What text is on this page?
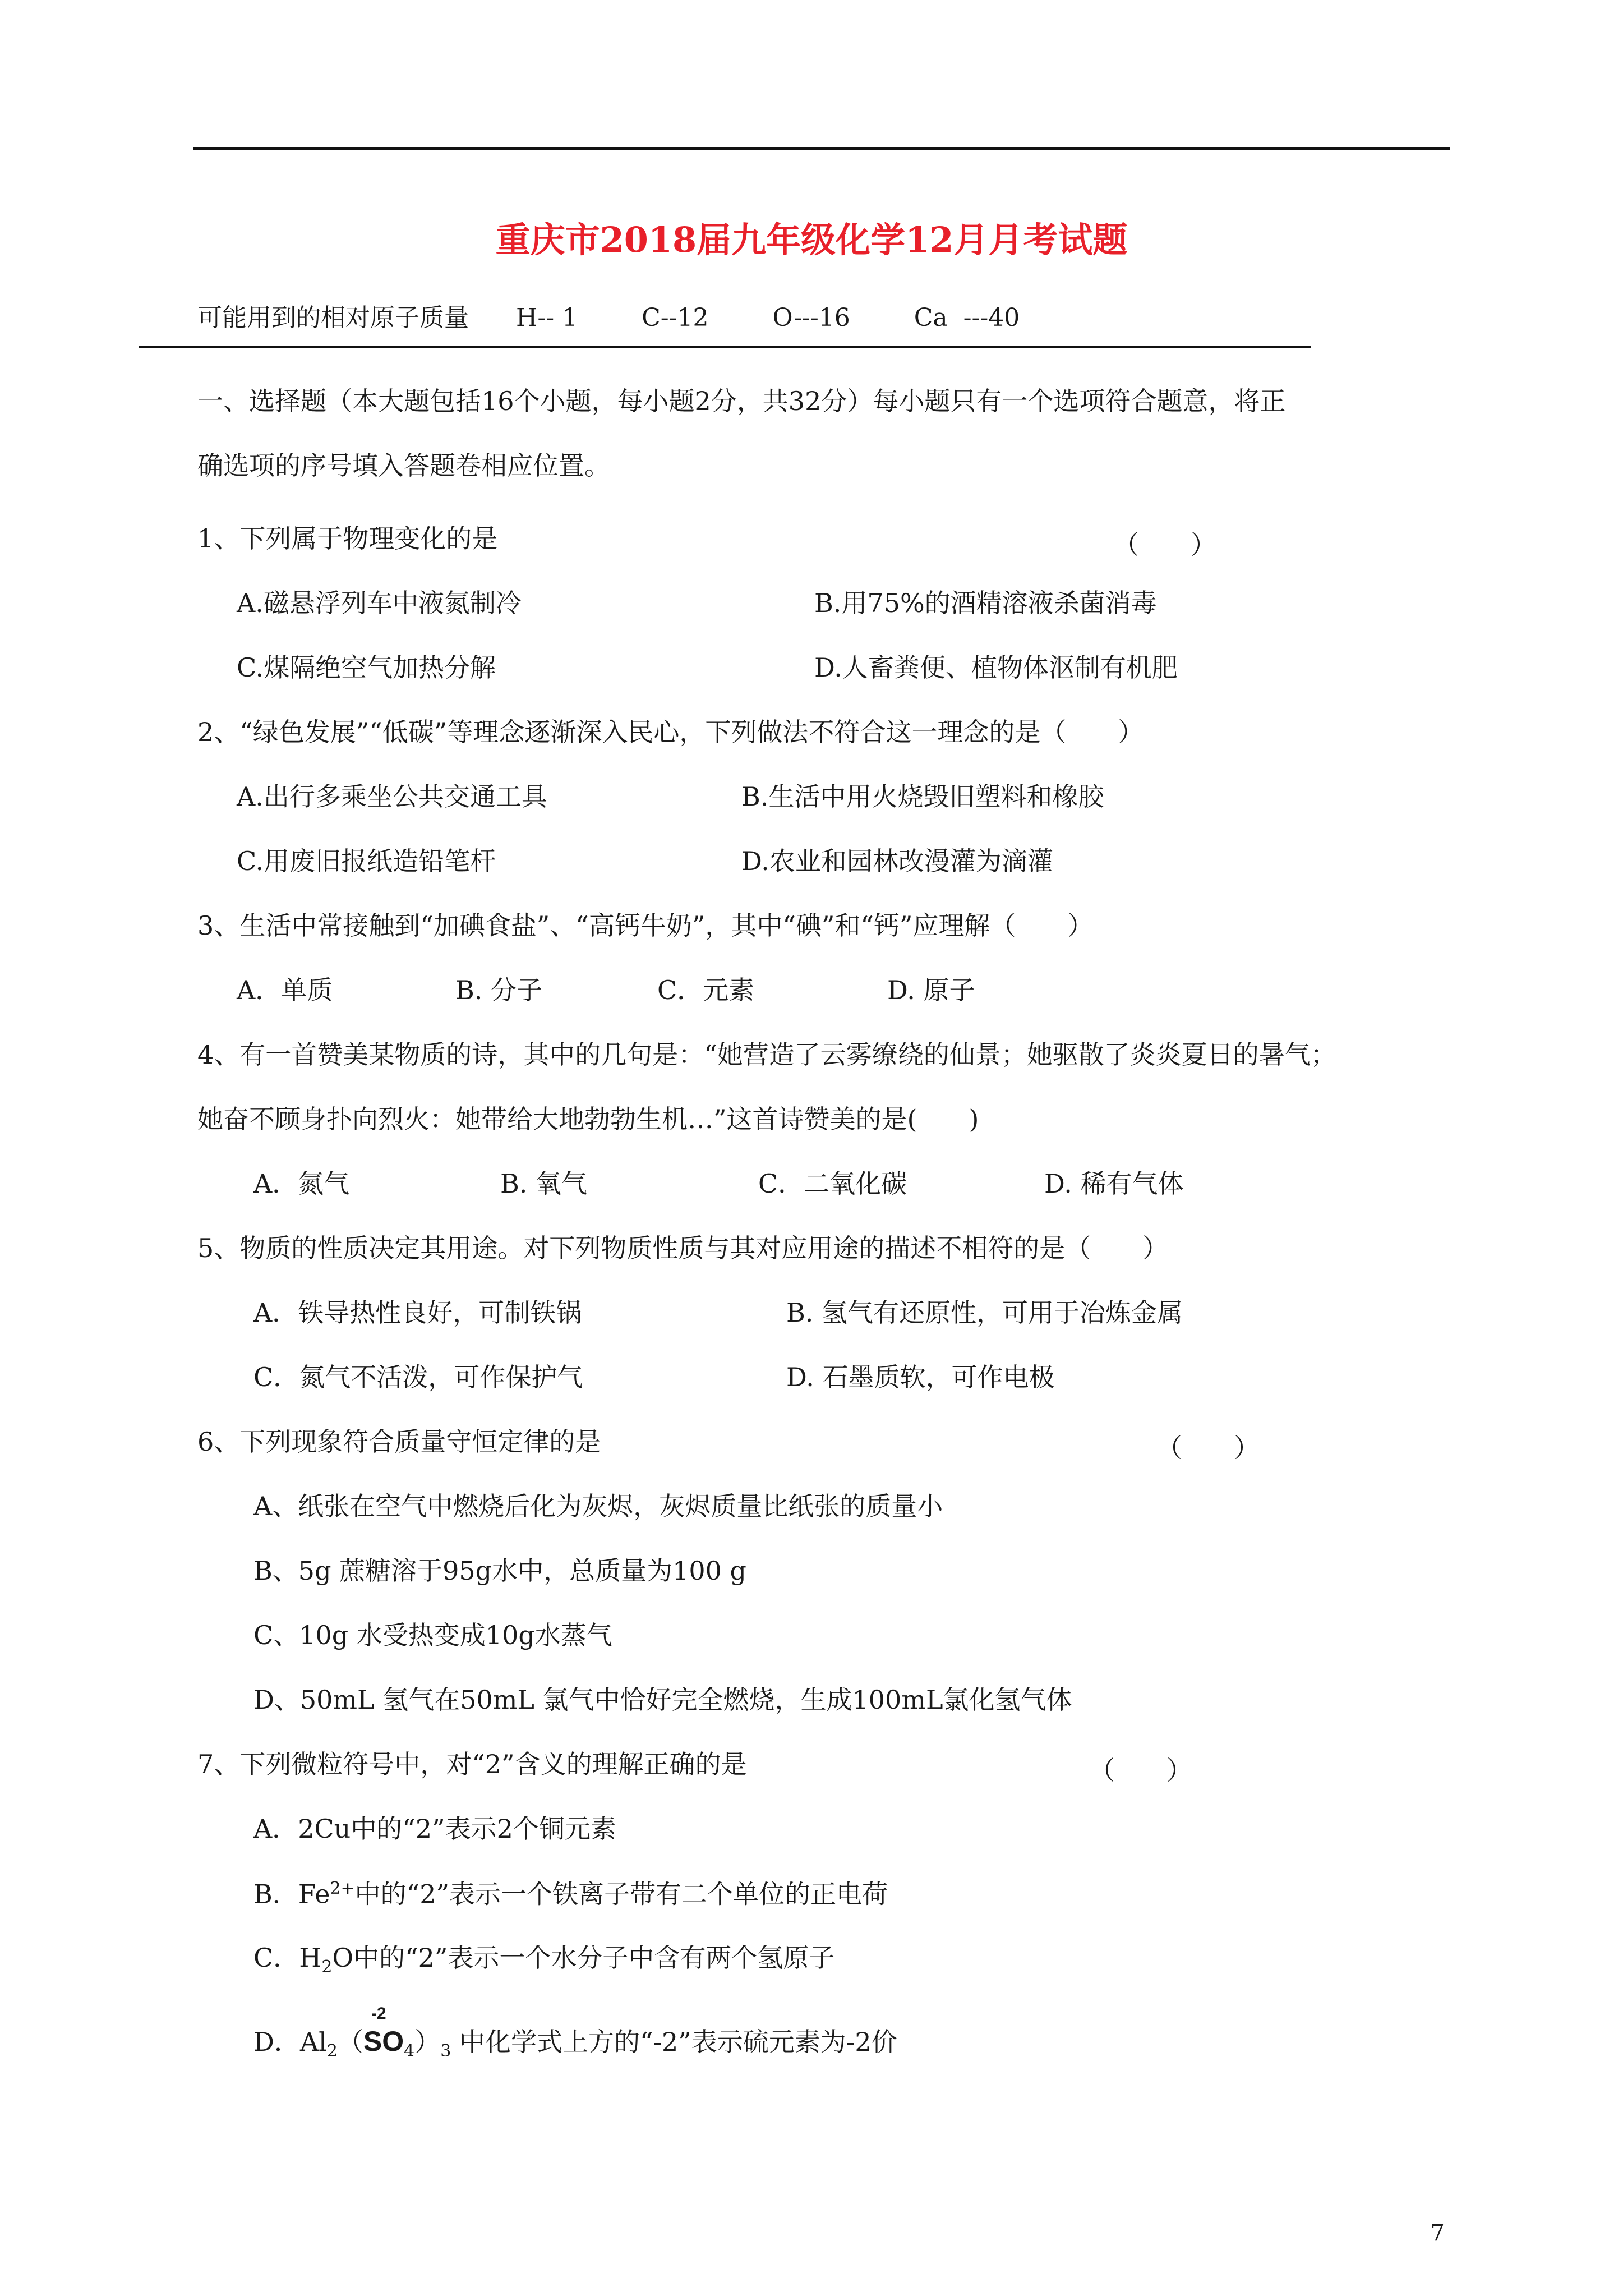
重庆市2018届九年级化学12月月考试题
可能用到的相对原子质量 H-- 1	C--12	O---16	Ca  ---40
一、选择题（本大题包括16个小题，每小题2分，共32分）每小题只有一个选项符合题意，将正
确选项的序号填入答题卷相应位置。
1、下列属于物理变化的是	（　　）
A.磁悬浮列车中液氮制冷	B.用75%的酒精溶液杀菌消毒
C.煤隔绝空气加热分解	D.人畜粪便、植物体沤制有机肥
2、“绿色发展”“低碳”等理念逐渐深入民心，下列做法不符合这一理念的是（　　）
A.出行多乘坐公共交通工具	B.生活中用火烧毁旧塑料和橡胶
C.用废旧报纸造铅笔杆	D.农业和园林改漫灌为滴灌
3、生活中常接触到“加碘食盐”、“高钙牛奶”，其中“碘”和“钙”应理解（　　）
A．单质	B. 分子	C．元素	D. 原子
4、有一首赞美某物质的诗，其中的几句是：“她营造了云雾缭绕的仙景；她驱散了炎炎夏日的暑气；
她奋不顾身扑向烈火：她带给大地勃勃生机…”这首诗赞美的是(　　)
A．氮气	B. 氧气	C．二氧化碳	D. 稀有气体
5、物质的性质决定其用途。对下列物质性质与其对应用途的描述不相符的是（　　）
A．铁导热性良好，可制铁锅	B. 氢气有还原性，可用于冶炼金属
C．氮气不活泼，可作保护气	D. 石墨质软，可作电极
6、下列现象符合质量守恒定律的是	（　　）
A、纸张在空气中燃烧后化为灰烬，灰烬质量比纸张的质量小
B、5g 蔗糖溶于95g水中，总质量为100 g
C、10g 水受热变成10g水蒸气
D、50mL 氢气在50mL 氯气中恰好完全燃烧，生成100mL氯化氢气体
7、下列微粒符号中，对“2”含义的理解正确的是	（　　）
A．2Cu中的“2”表示2个铜元素
B．$Fe^{2+}$中的“2”表示一个铁离子带有二个单位的正电荷
C．$H_2O$中的“2”表示一个水分子中含有两个氢原子
D．$Al_2$（
-2
$SO_4)_3$ 中化学式上方的“-2”表示硫元素为-2价
7
